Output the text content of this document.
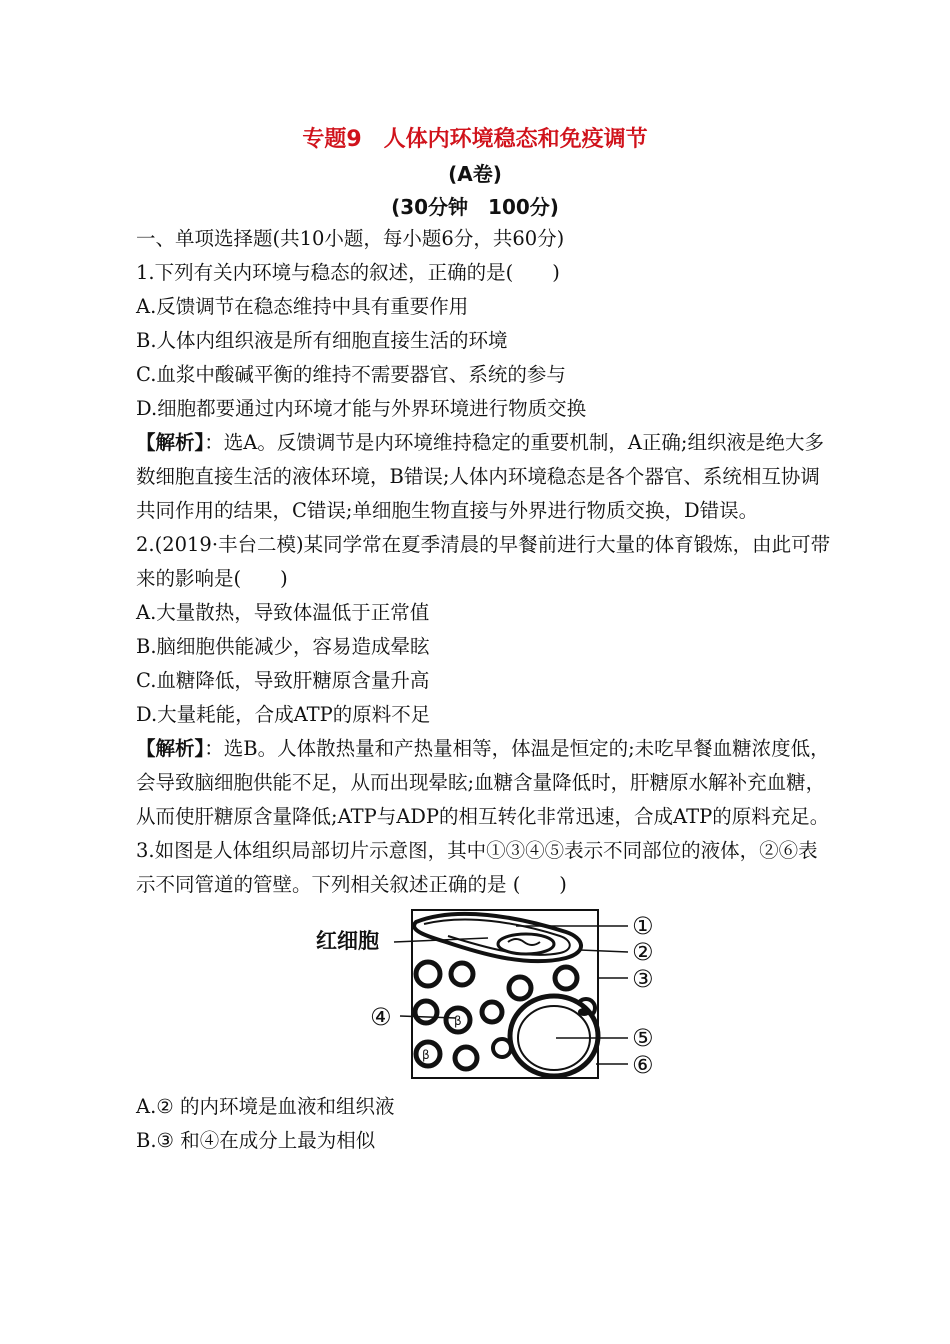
专题9　人体内环境稳态和免疫调节
(A卷)
(30分钟　100分)

一、单项选择题(共10小题，每小题6分，共60分)

1.下列有关内环境与稳态的叙述，正确的是(　　)

A.反馈调节在稳态维持中具有重要作用

B.人体内组织液是所有细胞直接生活的环境

C.血浆中酸碱平衡的维持不需要器官、系统的参与

D.细胞都要通过内环境才能与外界环境进行物质交换

【解析】：选A。反馈调节是内环境维持稳定的重要机制，A正确;组织液是绝大多数细胞直接生活的液体环境，B错误;人体内环境稳态是各个器官、系统相互协调共同作用的结果，C错误;单细胞生物直接与外界进行物质交换，D错误。

2.(2019·丰台二模)某同学常在夏季清晨的早餐前进行大量的体育锻炼，由此可带来的影响是(　　)

A.大量散热，导致体温低于正常值

B.脑细胞供能减少，容易造成晕眩

C.血糖降低，导致肝糖原含量升高

D.大量耗能，合成ATP的原料不足

【解析】：选B。人体散热量和产热量相等，体温是恒定的;未吃早餐血糖浓度低，会导致脑细胞供能不足，从而出现晕眩;血糖含量降低时，肝糖原水解补充血糖，从而使肝糖原含量降低;ATP与ADP的相互转化非常迅速，合成ATP的原料充足。

3.如图是人体组织局部切片示意图，其中①③④⑤表示不同部位的液体，②⑥表示不同管道的管壁。下列相关叙述正确的是 (　　)

β
β
红细胞
①
②
③
④
⑤
⑥

A.② 的内环境是血液和组织液

B.③ 和④在成分上最为相似
